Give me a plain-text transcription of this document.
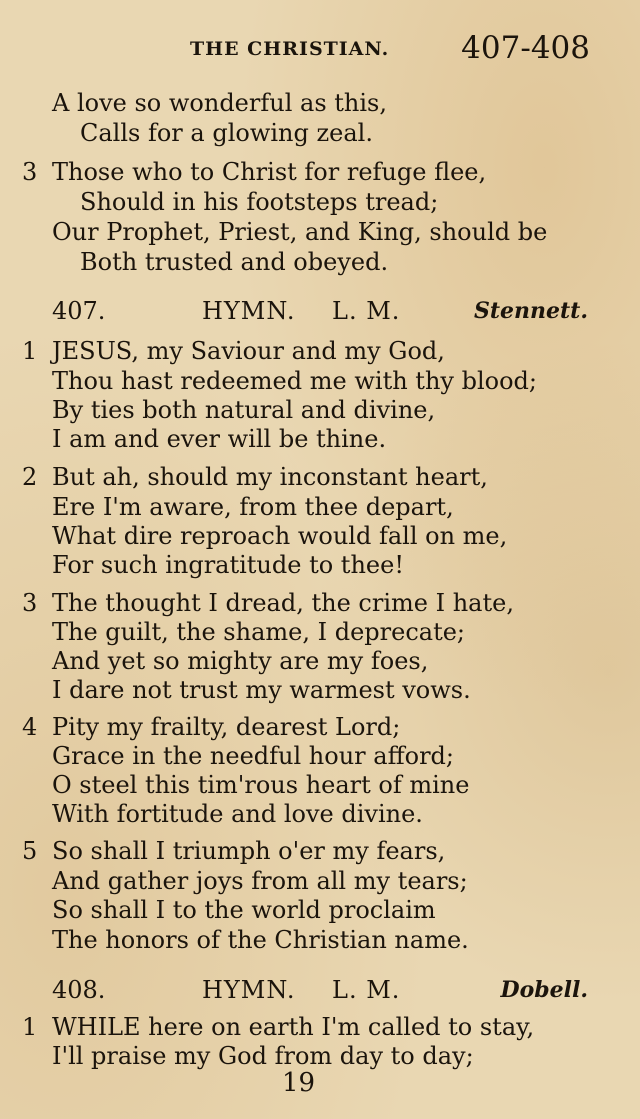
THE CHRISTIAN. 407-408
A love so wonderful as this,
Calls for a glowing zeal.
3 Those who to Christ for refuge flee,
Should in his footsteps tread;
Our Prophet, Priest, and King, should be
Both trusted and obeyed.
407.	HYMN. L. M.	Stennett.
1 JESUS, my Saviour and my God,
Thou hast redeemed me with thy blood;
By ties both natural and divine,
I am and ever will be thine.
2 But ah, should my inconstant heart,
Ere I'm aware, from thee depart,
What dire reproach would fall on me,
For such ingratitude to thee!
3 The thought I dread, the crime I hate,
The guilt, the shame, I deprecate;
And yet so mighty are my foes,
I dare not trust my warmest vows.
4 Pity my frailty, dearest Lord;
Grace in the needful hour afford;
O steel this tim'rous heart of mine
With fortitude and love divine.
5 So shall I triumph o'er my fears,
And gather joys from all my tears;
So shall I to the world proclaim
The honors of the Christian name.
408.	HYMN. L. M.	Dobell.
1 WHILE here on earth I'm called to stay,
I'll praise my God from day to day;
19
